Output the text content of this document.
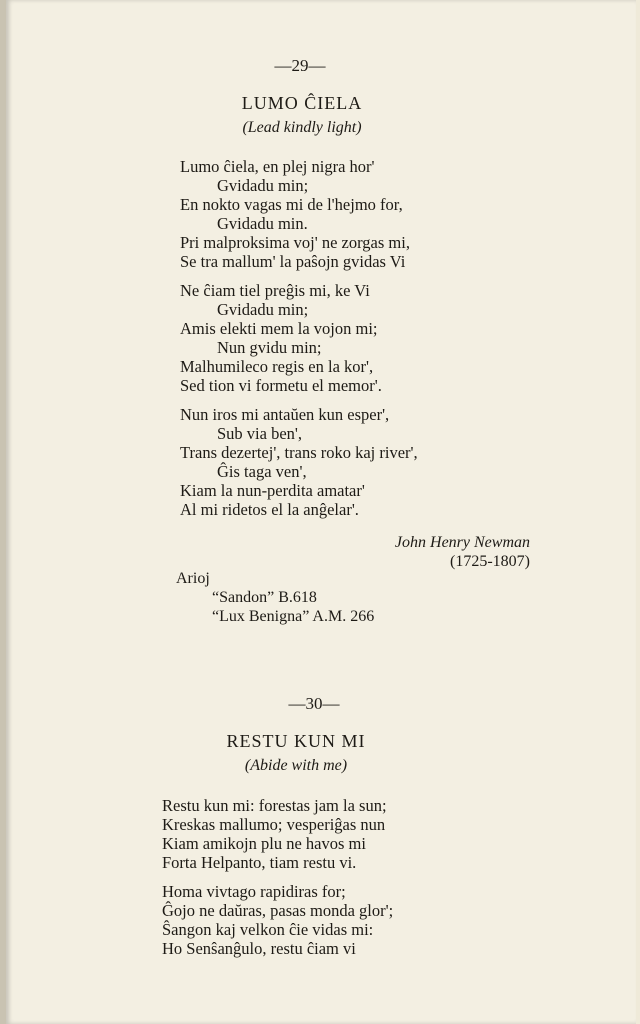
—29—
LUMO ĈIELA
(Lead kindly light)
Lumo ĉiela, en plej nigra hor'
Gvidadu min;
En nokto vagas mi de l'hejmo for,
Gvidadu min.
Pri malproksima voj' ne zorgas mi,
Se tra mallum' la paŝojn gvidas Vi
Ne ĉiam tiel preĝis mi, ke Vi
Gvidadu min;
Amis elekti mem la vojon mi;
Nun gvidu min;
Malhumileco regis en la kor',
Sed tion vi formetu el memor'.
Nun iros mi antaŭen kun esper',
Sub via ben',
Trans dezertej', trans roko kaj river',
Ĝis taga ven',
Kiam la nun-perdita amatar'
Al mi ridetos el la anĝelar'.
John Henry Newman
(1725-1807)
Arioj
“Sandon” B.618
“Lux Benigna” A.M. 266
—30—
RESTU KUN MI
(Abide with me)
Restu kun mi: forestas jam la sun;
Kreskas mallumo; vesperiĝas nun
Kiam amikojn plu ne havos mi
Forta Helpanto, tiam restu vi.
Homa vivtago rapidiras for;
Ĝojo ne daŭras, pasas monda glor';
Ŝangon kaj velkon ĉie vidas mi:
Ho Senŝanĝulo, restu ĉiam vi
